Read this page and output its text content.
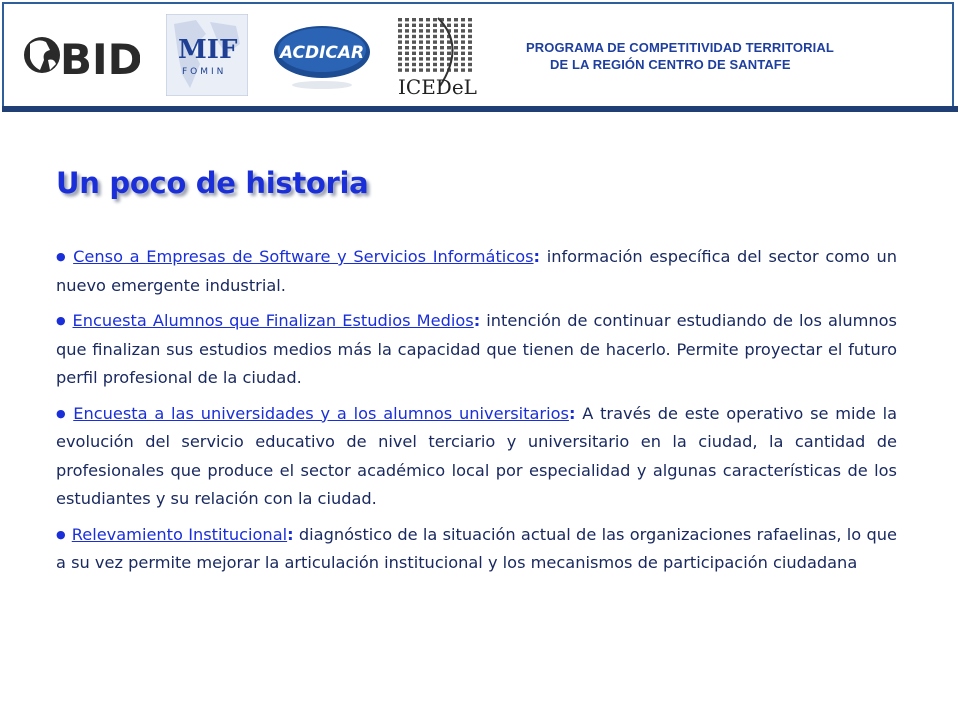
BID MIF
FOMIN
ACDICAR
ICEDeL
PROGRAMA DE COMPETITIVIDAD TERRITORIAL
DE LA REGIÓN CENTRO DE SANTAFE
Un poco de historia

● Censo a Empresas de Software y Servicios Informáticos: información específica del sector como un nuevo emergente industrial.

● Encuesta Alumnos que Finalizan Estudios Medios: intención de continuar estudiando de los alumnos que finalizan sus estudios medios más la capacidad que tienen de hacerlo. Permite proyectar el futuro perfil profesional de la ciudad.

● Encuesta a las universidades y a los alumnos universitarios: A través de este operativo se mide la evolución del servicio educativo de nivel terciario y universitario en la ciudad, la cantidad de profesionales que produce el sector académico local por especialidad y algunas características de los estudiantes y su relación con la ciudad.

● Relevamiento Institucional: diagnóstico de la situación actual de las organizaciones rafaelinas, lo que a su vez permite mejorar la articulación institucional y los mecanismos de participación ciudadana
